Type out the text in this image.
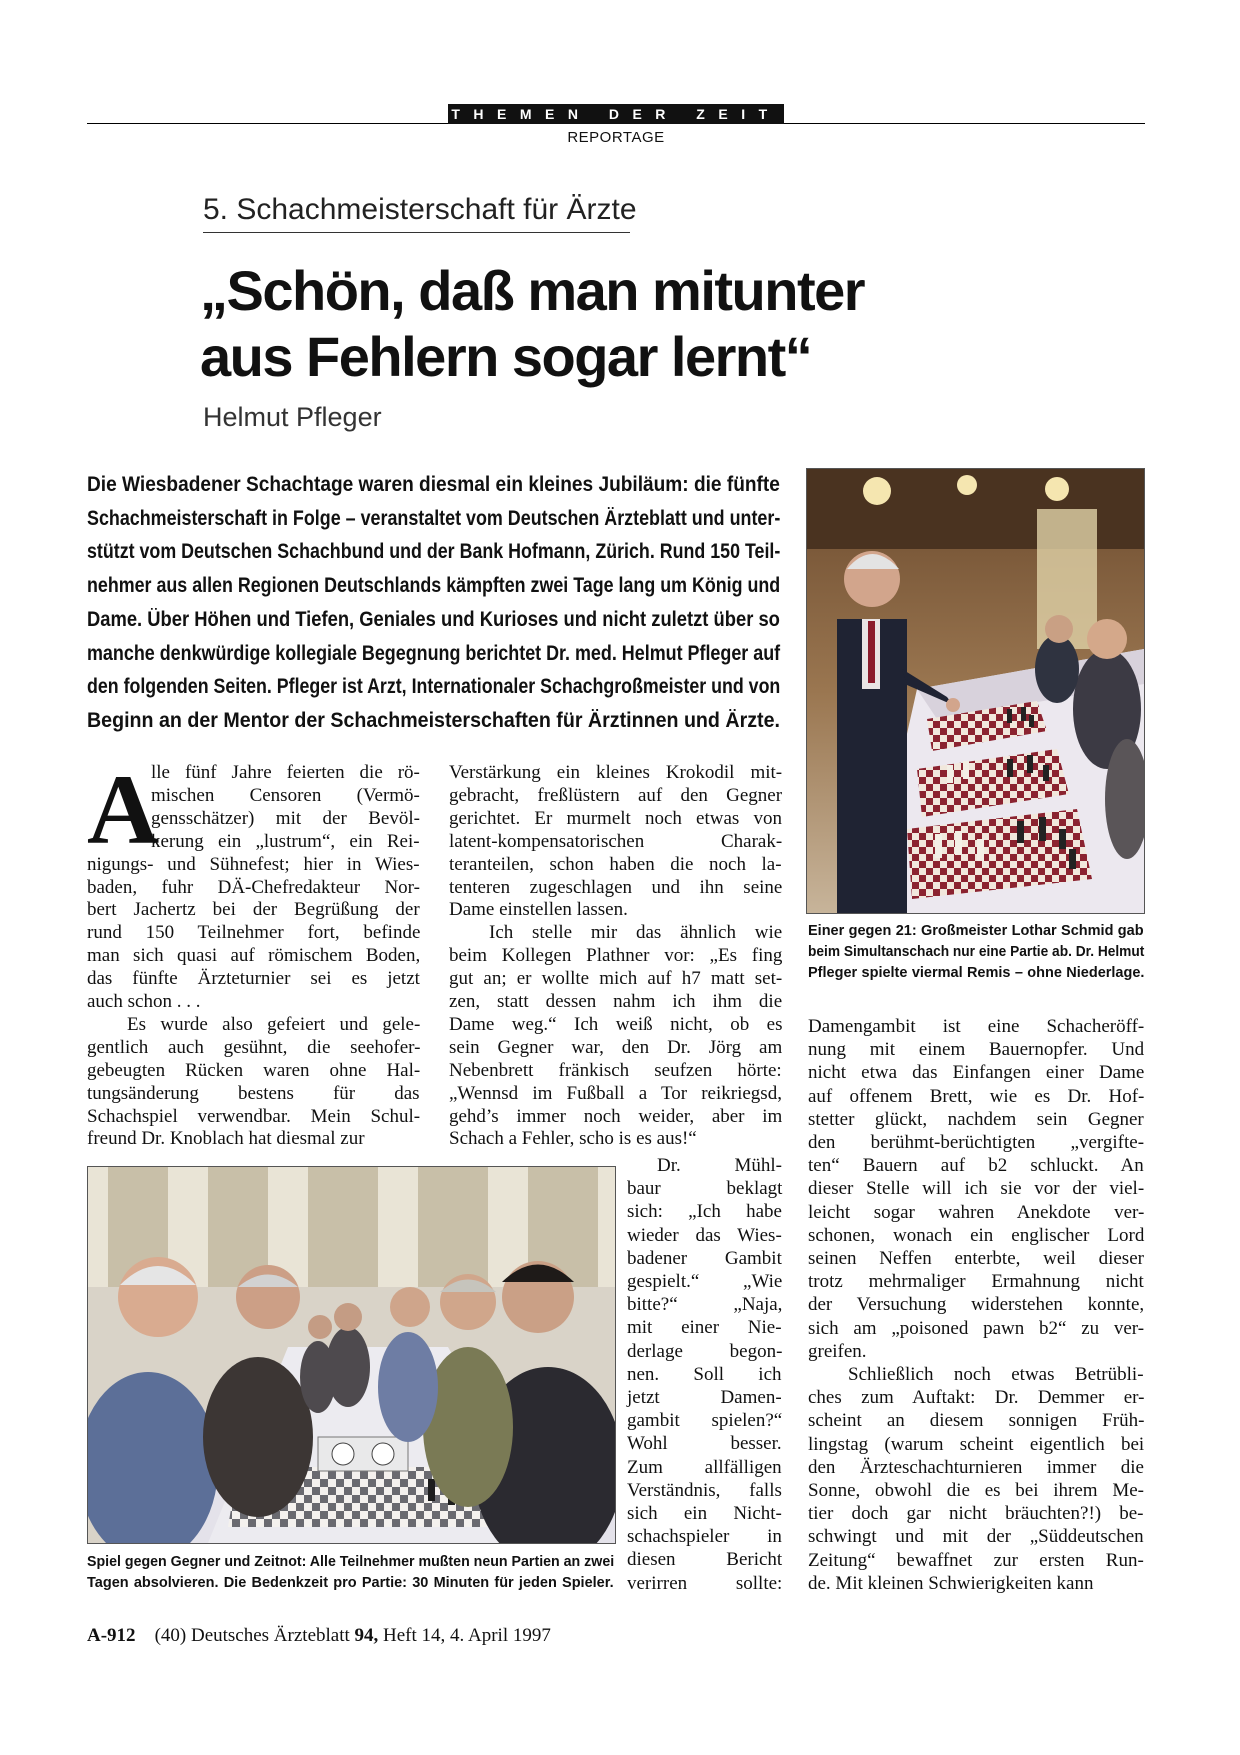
THEMEN DER ZEIT
REPORTAGE
5. Schachmeisterschaft für Ärzte
„Schön, daß man mitunter
aus Fehlern sogar lernt“
Helmut Pfleger
Die Wiesbadener Schachtage waren diesmal ein kleines Jubiläum: die fünfte
Schachmeisterschaft in Folge – veranstaltet vom Deutschen Ärzteblatt und unter-
stützt vom Deutschen Schachbund und der Bank Hofmann, Zürich. Rund 150 Teil-
nehmer aus allen Regionen Deutschlands kämpften zwei Tage lang um König und
Dame. Über Höhen und Tiefen, Geniales und Kurioses und nicht zuletzt über so
manche denkwürdige kollegiale Begegnung berichtet Dr. med. Helmut Pfleger auf
den folgenden Seiten. Pfleger ist Arzt, Internationaler Schachgroßmeister und von
Beginn an der Mentor der Schachmeisterschaften für Ärztinnen und Ärzte.
A
lle fünf Jahre feierten die rö-
mischen Censoren (Vermö-
gensschätzer) mit der Bevöl-
kerung ein „lustrum“, ein Rei-
nigungs- und Sühnefest; hier in Wies-
baden, fuhr DÄ-Chefredakteur Nor-
bert Jachertz bei der Begrüßung der
rund 150 Teilnehmer fort, befinde
man sich quasi auf römischem Boden,
das fünfte Ärzteturnier sei es jetzt
auch schon . . .
Es wurde also gefeiert und gele-
gentlich auch gesühnt, die seehofer-
gebeugten Rücken waren ohne Hal-
tungsänderung bestens für das
Schachspiel verwendbar. Mein Schul-
freund Dr. Knoblach hat diesmal zur
Verstärkung ein kleines Krokodil mit-
gebracht, freßlüstern auf den Gegner
gerichtet. Er murmelt noch etwas von
latent-kompensatorischen Charak-
teranteilen, schon haben die noch la-
tenteren zugeschlagen und ihn seine
Dame einstellen lassen.
Ich stelle mir das ähnlich wie
beim Kollegen Plathner vor: „Es fing
gut an; er wollte mich auf h7 matt set-
zen, statt dessen nahm ich ihm die
Dame weg.“ Ich weiß nicht, ob es
sein Gegner war, den Dr. Jörg am
Nebenbrett fränkisch seufzen hörte:
„Wennsd im Fußball a Tor reikriegsd,
gehd’s immer noch weider, aber im
Schach a Fehler, scho is es aus!“
Dr. Mühl-
baur beklagt
sich: „Ich habe
wieder das Wies-
badener Gambit
gespielt.“ „Wie
bitte?“ „Naja,
mit einer Nie-
derlage begon-
nen. Soll ich
jetzt Damen-
gambit spielen?“
Wohl besser.
Zum allfälligen
Verständnis, falls
sich ein Nicht-
schachspieler in
diesen Bericht
verirren sollte:
Damengambit ist eine Schacheröff-
nung mit einem Bauernopfer. Und
nicht etwa das Einfangen einer Dame
auf offenem Brett, wie es Dr. Hof-
stetter glückt, nachdem sein Gegner
den berühmt-berüchtigten „vergifte-
ten“ Bauern auf b2 schluckt. An
dieser Stelle will ich sie vor der viel-
leicht sogar wahren Anekdote ver-
schonen, wonach ein englischer Lord
seinen Neffen enterbte, weil dieser
trotz mehrmaliger Ermahnung nicht
der Versuchung widerstehen konnte,
sich am „poisoned pawn b2“ zu ver-
greifen.
Schließlich noch etwas Betrübli-
ches zum Auftakt: Dr. Demmer er-
scheint an diesem sonnigen Früh-
lingstag (warum scheint eigentlich bei
den Ärzteschachturnieren immer die
Sonne, obwohl die es bei ihrem Me-
tier doch gar nicht bräuchten?!) be-
schwingt und mit der „Süddeutschen
Zeitung“ bewaffnet zur ersten Run-
de. Mit kleinen Schwierigkeiten kann
Einer gegen 21: Großmeister Lothar Schmid gab
beim Simultanschach nur eine Partie ab. Dr. Helmut
Pfleger spielte viermal Remis – ohne Niederlage.
Spiel gegen Gegner und Zeitnot: Alle Teilnehmer mußten neun Partien an zwei
Tagen absolvieren. Die Bedenkzeit pro Partie: 30 Minuten für jeden Spieler.
A-912 (40) Deutsches Ärzteblatt 94, Heft 14, 4. April 1997
